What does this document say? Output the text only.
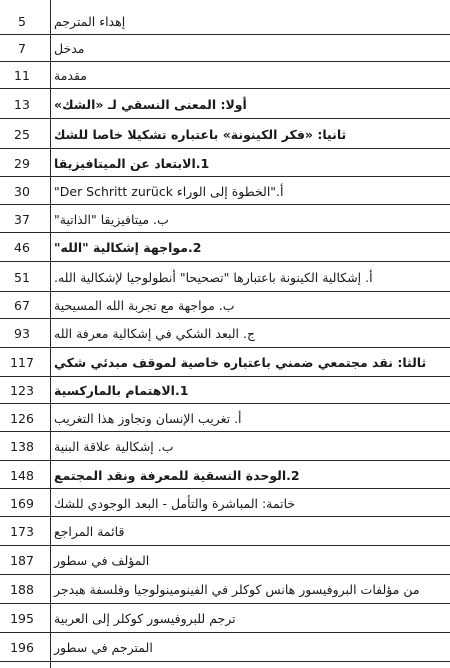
5	إهداء المترجم
7	مدخل
11	مقدمة
13	أولا: المعنى النسقي لـ «الشك»
25	ثانيا: «فكر الكينونة» باعتباره تشكيلا خاصا للشك
29	1.الابتعاد عن الميتافيزيقا
30	أ."الخطوة إلى الوراء Der Schritt zurück"
37	ب. ميتافيزيقا "الذاتية"
46	2.مواجهة إشكالية "الله"
51	أ. إشكالية الكينونة باعتبارها "تصحيحا" أنطولوجيا لإشكالية الله.
67	ب. مواجهة مع تجربة الله المسيحية
93	ج. البعد الشكي في إشكالية معرفة الله
117	ثالثا: نقد مجتمعي ضمني باعتباره خاصية لموقف مبدئي شكي
123	1.الاهتمام بالماركسية
126	أ. تغريب الإنسان وتجاوز هذا التغريب
138	ب. إشكالية علاقة البنية
148	2.الوحدة النسقية للمعرفة ونقد المجتمع
169	خاتمة: المباشرة والتأمل - البعد الوجودي للشك
173	قائمة المراجع
187	المؤلف في سطور
188	من مؤلفات البروفيسور هانس كوكلر في الفينومينولوجيا وفلسفة هيدجر
195	ترجم للبروفيسور كوكلر إلى العربية
196	المترجم في سطور
